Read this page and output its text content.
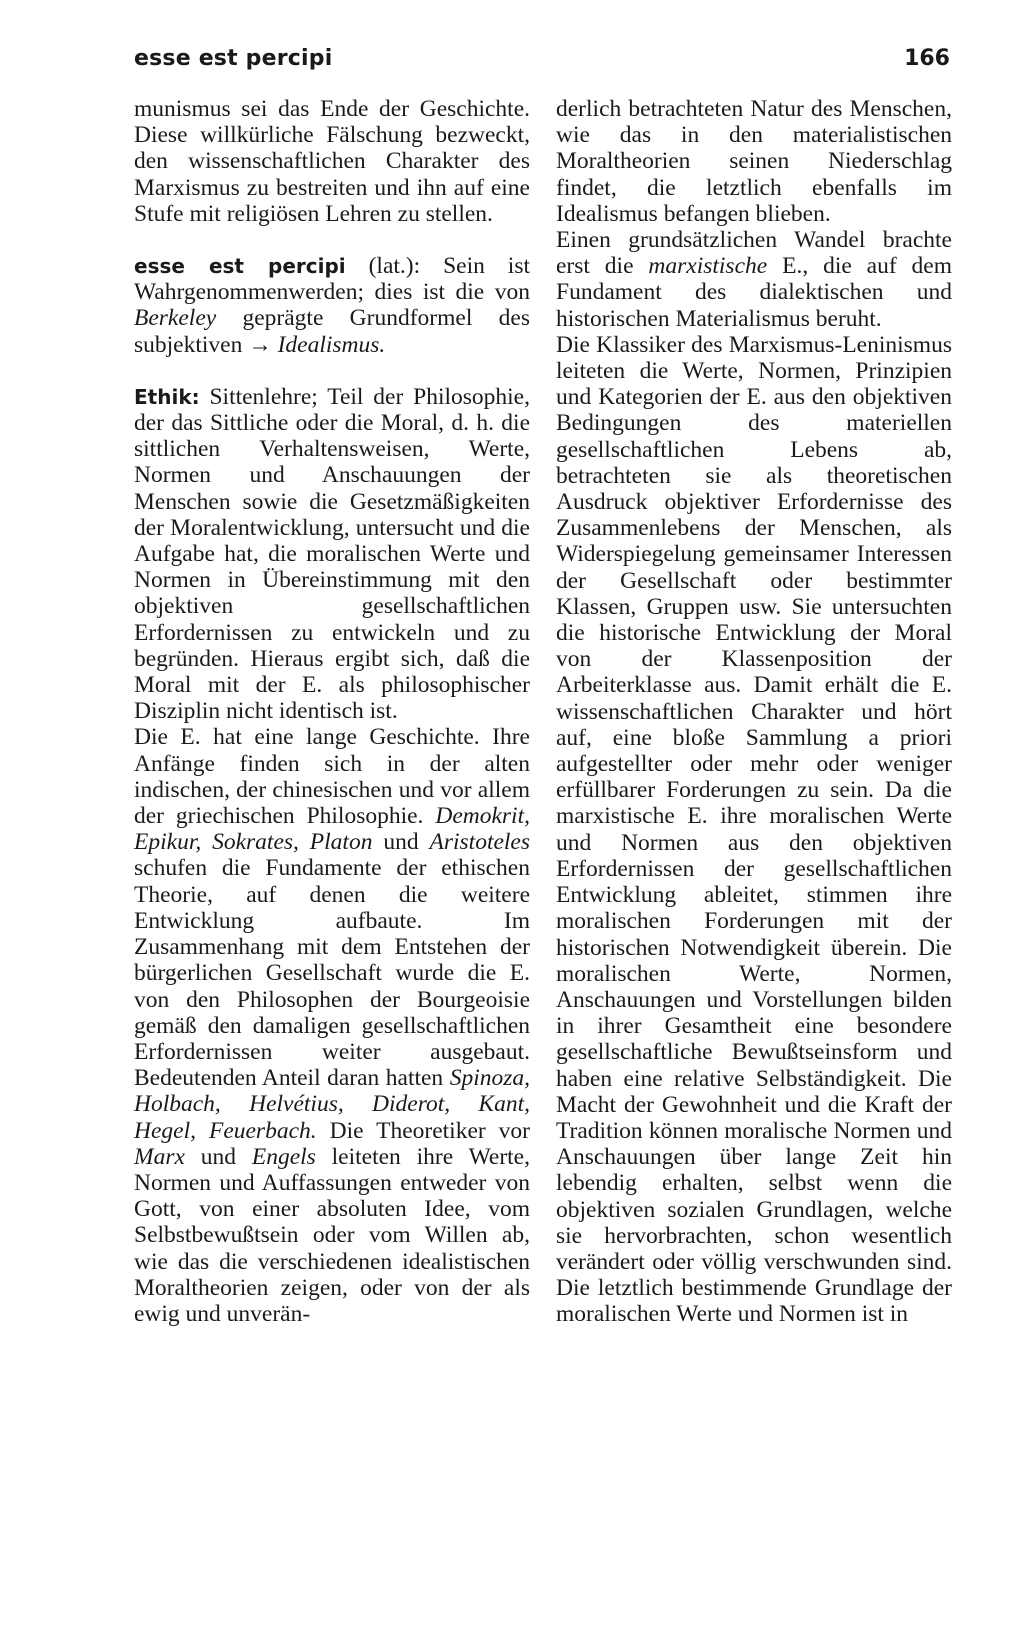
esse est percipi	166

munismus sei das Ende der Geschichte. Diese willkürliche Fälschung bezweckt, den wissenschaftlichen Charakter des Marxismus zu bestreiten und ihn auf eine Stufe mit religiösen Lehren zu stellen.

esse est percipi (lat.): Sein ist Wahrgenommenwerden; dies ist die von Berkeley geprägte Grundformel des subjektiven → Idealismus.

Ethik: Sittenlehre; Teil der Philosophie, der das Sittliche oder die Moral, d. h. die sittlichen Verhaltensweisen, Werte, Normen und Anschauungen der Menschen sowie die Gesetzmäßigkeiten der Moralentwicklung, untersucht und die Aufgabe hat, die moralischen Werte und Normen in Übereinstimmung mit den objektiven gesellschaftlichen Erfordernissen zu entwickeln und zu begründen. Hieraus ergibt sich, daß die Moral mit der E. als philosophischer Disziplin nicht identisch ist.

Die E. hat eine lange Geschichte. Ihre Anfänge finden sich in der alten indischen, der chinesischen und vor allem der griechischen Philosophie. Demokrit, Epikur, Sokrates, Platon und Aristoteles schufen die Fundamente der ethischen Theorie, auf denen die weitere Entwicklung aufbaute. Im Zusammenhang mit dem Entstehen der bürgerlichen Gesellschaft wurde die E. von den Philosophen der Bourgeoisie gemäß den damaligen gesellschaftlichen Erfordernissen weiter ausgebaut. Bedeutenden Anteil daran hatten Spinoza, Holbach, Helvétius, Diderot, Kant, Hegel, Feuerbach. Die Theoretiker vor Marx und Engels leiteten ihre Werte, Normen und Auffassungen entweder von Gott, von einer absoluten Idee, vom Selbstbewußtsein oder vom Willen ab, wie das die verschiedenen idealistischen Moraltheorien zeigen, oder von der als ewig und unverän-

derlich betrachteten Natur des Menschen, wie das in den materialistischen Moraltheorien seinen Niederschlag findet, die letztlich ebenfalls im Idealismus befangen blieben.

Einen grundsätzlichen Wandel brachte erst die marxistische E., die auf dem Fundament des dialektischen und historischen Materialismus beruht.

Die Klassiker des Marxismus-Leninismus leiteten die Werte, Normen, Prinzipien und Kategorien der E. aus den objektiven Bedingungen des materiellen gesellschaftlichen Lebens ab, betrachteten sie als theoretischen Ausdruck objektiver Erfordernisse des Zusammenlebens der Menschen, als Widerspiegelung gemeinsamer Interessen der Gesellschaft oder bestimmter Klassen, Gruppen usw. Sie untersuchten die historische Entwicklung der Moral von der Klassenposition der Arbeiterklasse aus. Damit erhält die E. wissenschaftlichen Charakter und hört auf, eine bloße Sammlung a priori aufgestellter oder mehr oder weniger erfüllbarer Forderungen zu sein. Da die marxistische E. ihre moralischen Werte und Normen aus den objektiven Erfordernissen der gesellschaftlichen Entwicklung ableitet, stimmen ihre moralischen Forderungen mit der historischen Notwendigkeit überein. Die moralischen Werte, Normen, Anschauungen und Vorstellungen bilden in ihrer Gesamtheit eine besondere gesellschaftliche Bewußtseinsform und haben eine relative Selbständigkeit. Die Macht der Gewohnheit und die Kraft der Tradition können moralische Normen und Anschauungen über lange Zeit hin lebendig erhalten, selbst wenn die objektiven sozialen Grundlagen, welche sie hervorbrachten, schon wesentlich verändert oder völlig verschwunden sind. Die letztlich bestimmende Grundlage der moralischen Werte und Normen ist in
